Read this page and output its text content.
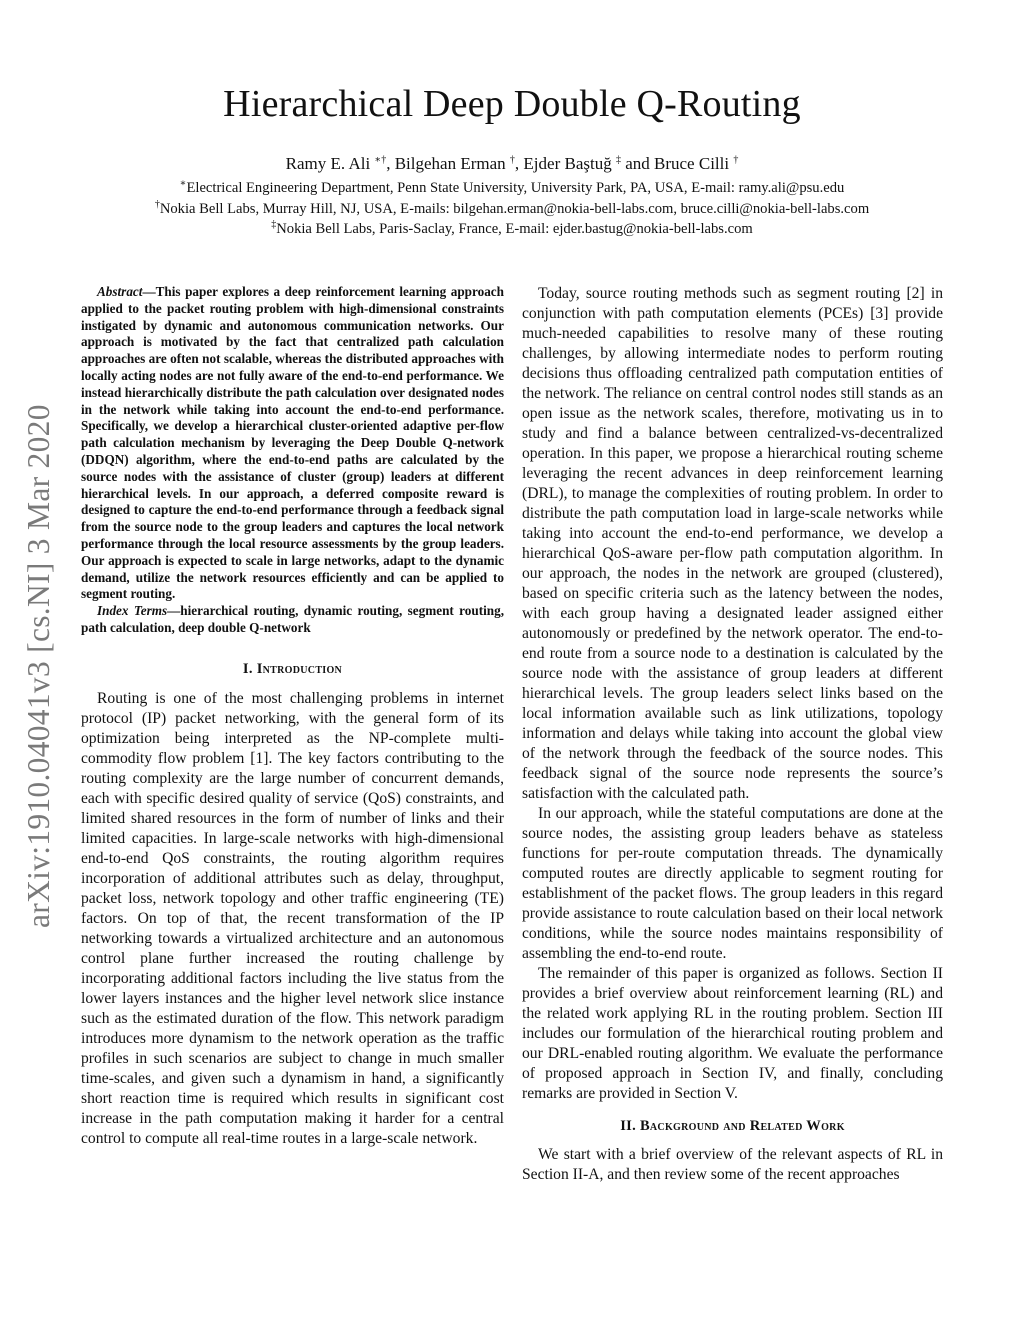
Hierarchical Deep Double Q-Routing
Ramy E. Ali ∗†, Bilgehan Erman †, Ejder Baştuğ ‡ and Bruce Cilli †
∗Electrical Engineering Department, Penn State University, University Park, PA, USA, E-mail: ramy.ali@psu.edu
†Nokia Bell Labs, Murray Hill, NJ, USA, E-mails: bilgehan.erman@nokia-bell-labs.com, bruce.cilli@nokia-bell-labs.com
‡Nokia Bell Labs, Paris-Saclay, France, E-mail: ejder.bastug@nokia-bell-labs.com
arXiv:1910.04041v3 [cs.NI] 3 Mar 2020

Abstract—This paper explores a deep reinforcement learning approach applied to the packet routing problem with high-dimensional constraints instigated by dynamic and autonomous communication networks. Our approach is motivated by the fact that centralized path calculation approaches are often not scalable, whereas the distributed approaches with locally acting nodes are not fully aware of the end-to-end performance. We instead hierarchically distribute the path calculation over designated nodes in the network while taking into account the end-to-end performance. Specifically, we develop a hierarchical cluster-oriented adaptive per-flow path calculation mechanism by leveraging the Deep Double Q-network (DDQN) algorithm, where the end-to-end paths are calculated by the source nodes with the assistance of cluster (group) leaders at different hierarchical levels. In our approach, a deferred composite reward is designed to capture the end-to-end performance through a feedback signal from the source node to the group leaders and captures the local network performance through the local resource assessments by the group leaders. Our approach is expected to scale in large networks, adapt to the dynamic demand, utilize the network resources efficiently and can be applied to segment routing.

Index Terms—hierarchical routing, dynamic routing, segment routing, path calculation, deep double Q-network

I. Introduction

Routing is one of the most challenging problems in internet protocol (IP) packet networking, with the general form of its optimization being interpreted as the NP-complete multi-commodity flow problem [1]. The key factors contributing to the routing complexity are the large number of concurrent demands, each with specific desired quality of service (QoS) constraints, and limited shared resources in the form of number of links and their limited capacities. In large-scale networks with high-dimensional end-to-end QoS constraints, the routing algorithm requires incorporation of additional attributes such as delay, throughput, packet loss, network topology and other traffic engineering (TE) factors. On top of that, the recent transformation of the IP networking towards a virtualized architecture and an autonomous control plane further increased the routing challenge by incorporating additional factors including the live status from the lower layers instances and the higher level network slice instance such as the estimated duration of the flow. This network paradigm introduces more dynamism to the network operation as the traffic profiles in such scenarios are subject to change in much smaller time-scales, and given such a dynamism in hand, a significantly short reaction time is required which results in significant cost increase in the path computation making it harder for a central control to compute all real-time routes in a large-scale network.

Today, source routing methods such as segment routing [2] in conjunction with path computation elements (PCEs) [3] provide much-needed capabilities to resolve many of these routing challenges, by allowing intermediate nodes to perform routing decisions thus offloading centralized path computation entities of the network. The reliance on central control nodes still stands as an open issue as the network scales, therefore, motivating us in to study and find a balance between centralized-vs-decentralized operation. In this paper, we propose a hierarchical routing scheme leveraging the recent advances in deep reinforcement learning (DRL), to manage the complexities of routing problem. In order to distribute the path computation load in large-scale networks while taking into account the end-to-end performance, we develop a hierarchical QoS-aware per-flow path computation algorithm. In our approach, the nodes in the network are grouped (clustered), based on specific criteria such as the latency between the nodes, with each group having a designated leader assigned either autonomously or predefined by the network operator. The end-to-end route from a source node to a destination is calculated by the source node with the assistance of group leaders at different hierarchical levels. The group leaders select links based on the local information available such as link utilizations, topology information and delays while taking into account the global view of the network through the feedback of the source nodes. This feedback signal of the source node represents the source’s satisfaction with the calculated path.

In our approach, while the stateful computations are done at the source nodes, the assisting group leaders behave as stateless functions for per-route computation threads. The dynamically computed routes are directly applicable to segment routing for establishment of the packet flows. The group leaders in this regard provide assistance to route calculation based on their local network conditions, while the source nodes maintains responsibility of assembling the end-to-end route.

The remainder of this paper is organized as follows. Section II provides a brief overview about reinforcement learning (RL) and the related work applying RL in the routing problem. Section III includes our formulation of the hierarchical routing problem and our DRL-enabled routing algorithm. We evaluate the performance of proposed approach in Section IV, and finally, concluding remarks are provided in Section V.

II. Background and Related Work

We start with a brief overview of the relevant aspects of RL in Section II-A, and then review some of the recent approaches
